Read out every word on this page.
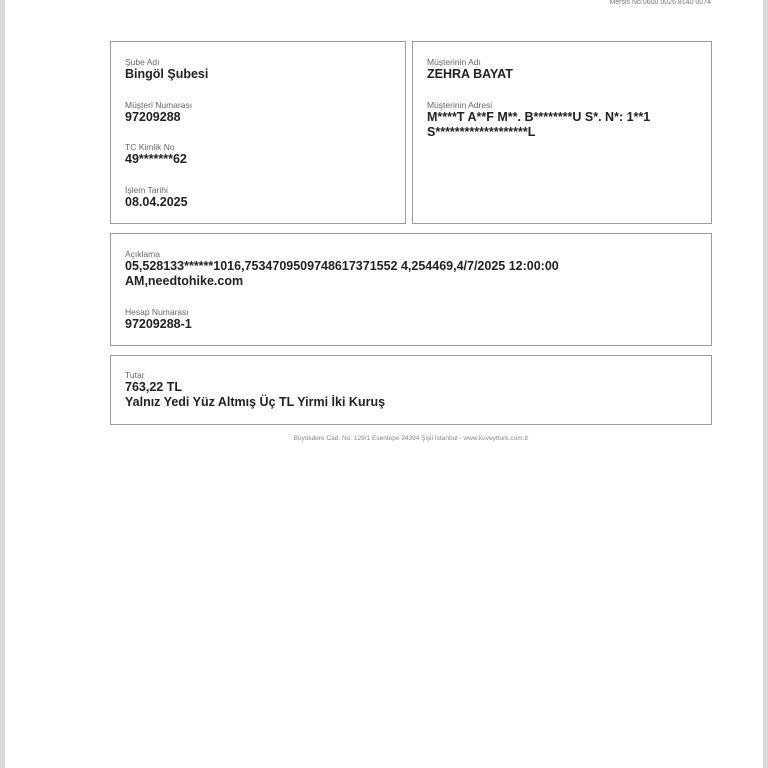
Mersis No:0600 0026 8140 0074
Şube Adı
Bingöl Şubesi
Müşteri Numarası
97209288
TC Kimlik No
49*******62
İşlem Tarihi
08.04.2025
Müşterinin Adı
ZEHRA BAYAT
Müşterinin Adresi
M****T A**F M**. B********U S*. N*: 1**1
S*******************L
Açıklama
05,528133******1016,7534709509748617371552 4,254469,4/7/2025 12:00:00
AM,needtohike.com
Hesap Numarası
97209288-1
Tutar
763,22 TL
Yalnız Yedi Yüz Altmış Üç TL Yirmi İki Kuruş
Büyükdere Cad. No: 129/1 Esentepe 34394 Şişli İstanbul - www.kuveytturk.com.tr
